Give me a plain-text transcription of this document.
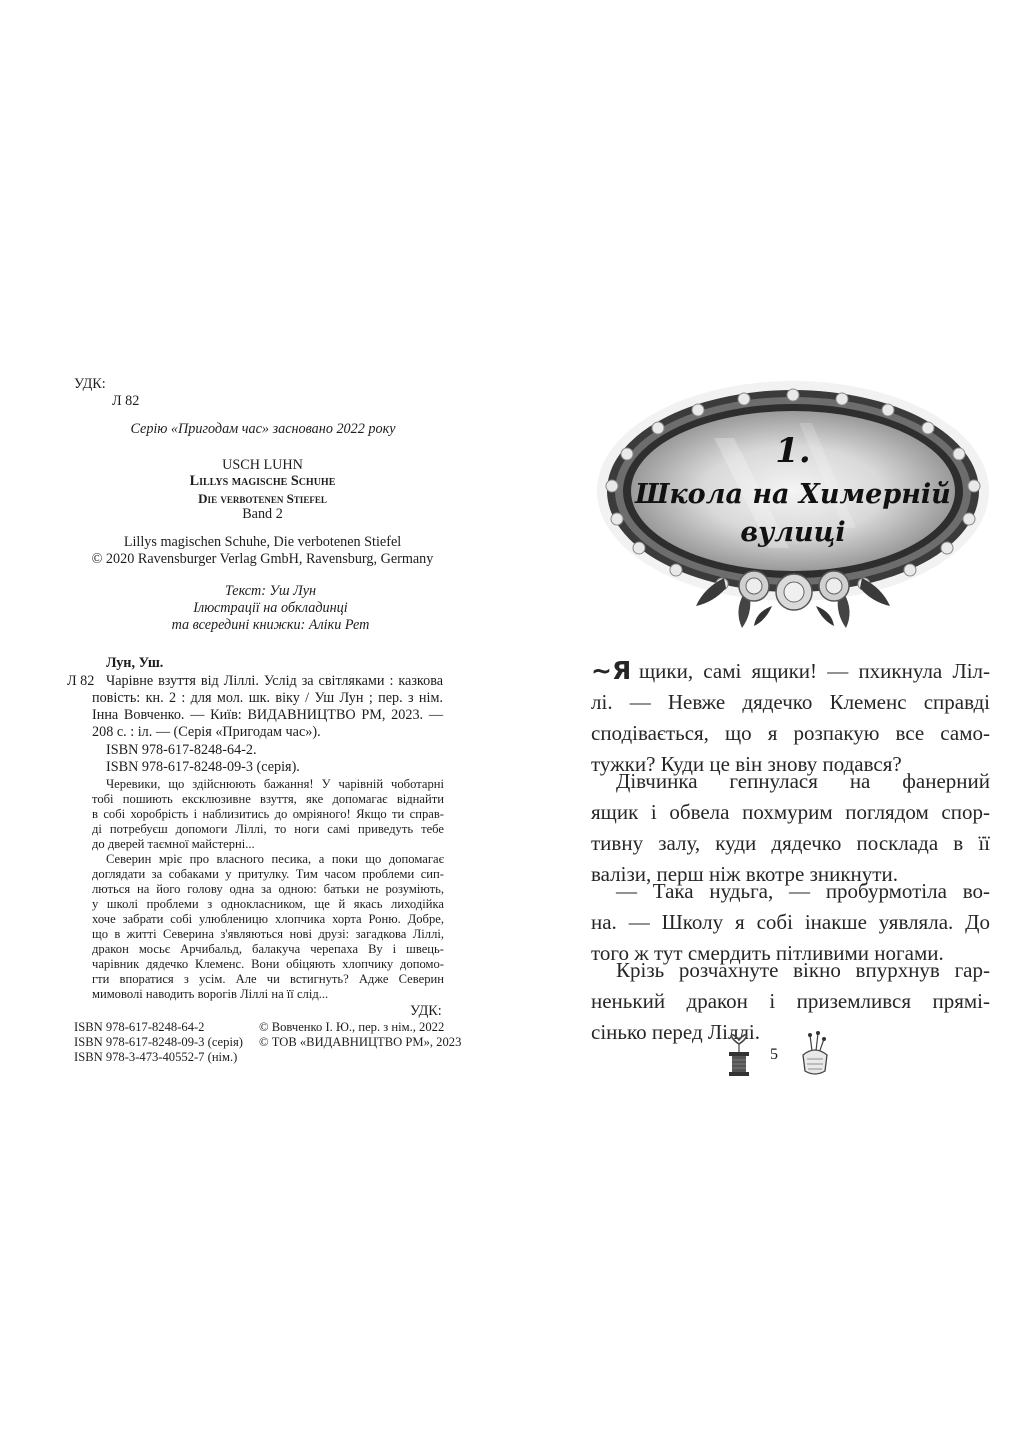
УДК:
Л 82
Серію «Пригодам час» засновано 2022 року
USCH LUHN
Lillys magische Schuhe
Die verbotenen Stiefel
Band 2
Lillys magischen Schuhe, Die verbotenen Stiefel
© 2020 Ravensburger Verlag GmbH, Ravensburg, Germany
Текст: Уш Лун
Ілюстрації на обкладинці
та всередині книжки: Аліки Рет
Лун, Уш.
Л 82 Чарівне взуття від Ліллі. Услід за світляками : казкова
повість: кн. 2 : для мол. шк. віку / Уш Лун ; пер. з нім.
Інна Вовченко. — Київ: ВИДАВНИЦТВО РМ, 2023. —
208 с. : іл. — (Серія «Пригодам час»).
ISBN 978-617-8248-64-2.
ISBN 978-617-8248-09-3 (серія).
Черевики, що здійснюють бажання! У чарівній чоботарні
тобі пошиють ексклюзивне взуття, яке допомагає віднайти
в собі хоробрість і наблизитись до омріяного! Якщо ти справ-
ді потребуєш допомоги Ліллі, то ноги самі приведуть тебе
до дверей таємної майстерні...
Северин мріє про власного песика, а поки що допомагає
доглядати за собаками у притулку. Тим часом проблеми сип-
лються на його голову одна за одною: батьки не розуміють,
у школі проблеми з однокласником, ще й якась лиходійка
хоче забрати собі улюбленицю хлопчика хорта Роню. Добре,
що в житті Северина з'являються нові друзі: загадкова Ліллі,
дракон мосьє Арчибальд, балакуча черепаха Ву і швець-
чарівник дядечко Клеменс. Вони обіцяють хлопчику допомо-
гти впоратися з усім. Але чи встигнуть? Адже Северин
мимоволі наводить ворогів Ліллі на її слід...
УДК:
ISBN 978-617-8248-64-2
ISBN 978-617-8248-09-3 (серія)
ISBN 978-3-473-40552-7 (нім.)
© Вовченко І. Ю., пер. з нім., 2022
© ТОВ «ВИДАВНИЦТВО РМ», 2023
1.
Школа на Химерній
вулиці
~Я щики, самі ящики! — пхикнула Ліл-
лі. — Невже дядечко Клеменс справді
сподівається, що я розпакую все само-
тужки? Куди це він знову подався?
Дівчинка гепнулася на фанерний
ящик і обвела похмурим поглядом спор-
тивну залу, куди дядечко посклада в її
валізи, перш ніж вкотре зникнути.
— Така нудьга, — пробурмотіла во-
на. — Школу я собі інакше уявляла. До
того ж тут смердить пітливими ногами.
Крізь розчахнуте вікно впурхнув гар-
ненький дракон і приземлився прямі-
сінько перед Ліллі.
5
